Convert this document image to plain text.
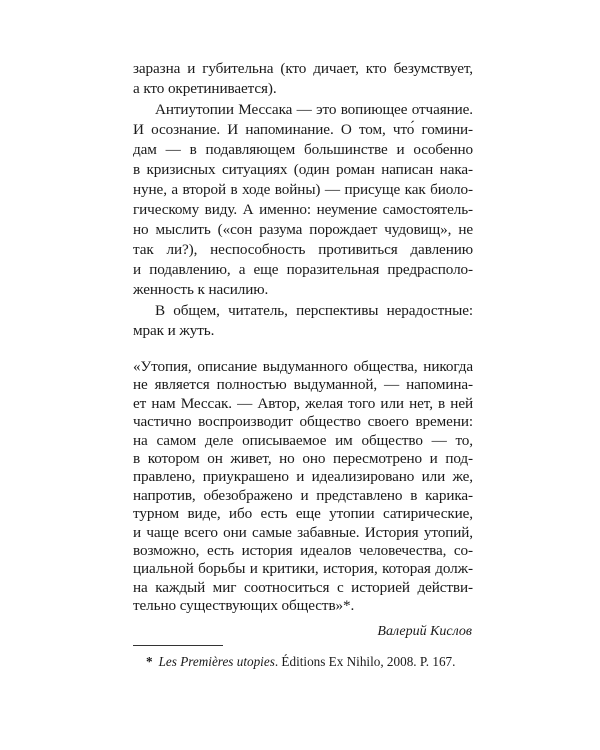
заразна и губительна (кто дичает, кто безумствует,
а кто окретинивается).
Антиутопии Мессака — это вопиющее отчаяние.
И осознание. И напоминание. О том, что́ гомини-
дам — в подавляющем большинстве и особенно
в кризисных ситуациях (один роман написан нака-
нуне, а второй в ходе войны) — присуще как биоло-
гическому виду. А именно: неумение самостоятель-
но мыслить («сон разума порождает чудовищ», не
так ли?), неспособность противиться давлению
и подавлению, а еще поразительная предрасполо-
женность к насилию.
В общем, читатель, перспективы нерадостные:
мрак и жуть.
«Утопия, описание выдуманного общества, никогда
не является полностью выдуманной, — напомина-
ет нам Мессак. — Автор, желая того или нет, в ней
частично воспроизводит общество своего времени:
на самом деле описываемое им общество — то,
в котором он живет, но оно пересмотрено и под-
правлено, приукрашено и идеализировано или же,
напротив, обезображено и представлено в карика-
турном виде, ибо есть еще утопии сатирические,
и чаще всего они самые забавные. История утопий,
возможно, есть история идеалов человечества, со-
циальной борьбы и критики, история, которая долж-
на каждый миг соотноситься с историей действи-
Валерий Кислов
* Les Premières utopies. Éditions Ex Nihilo, 2008. P. 167.
тельно существующих обществ»*.
